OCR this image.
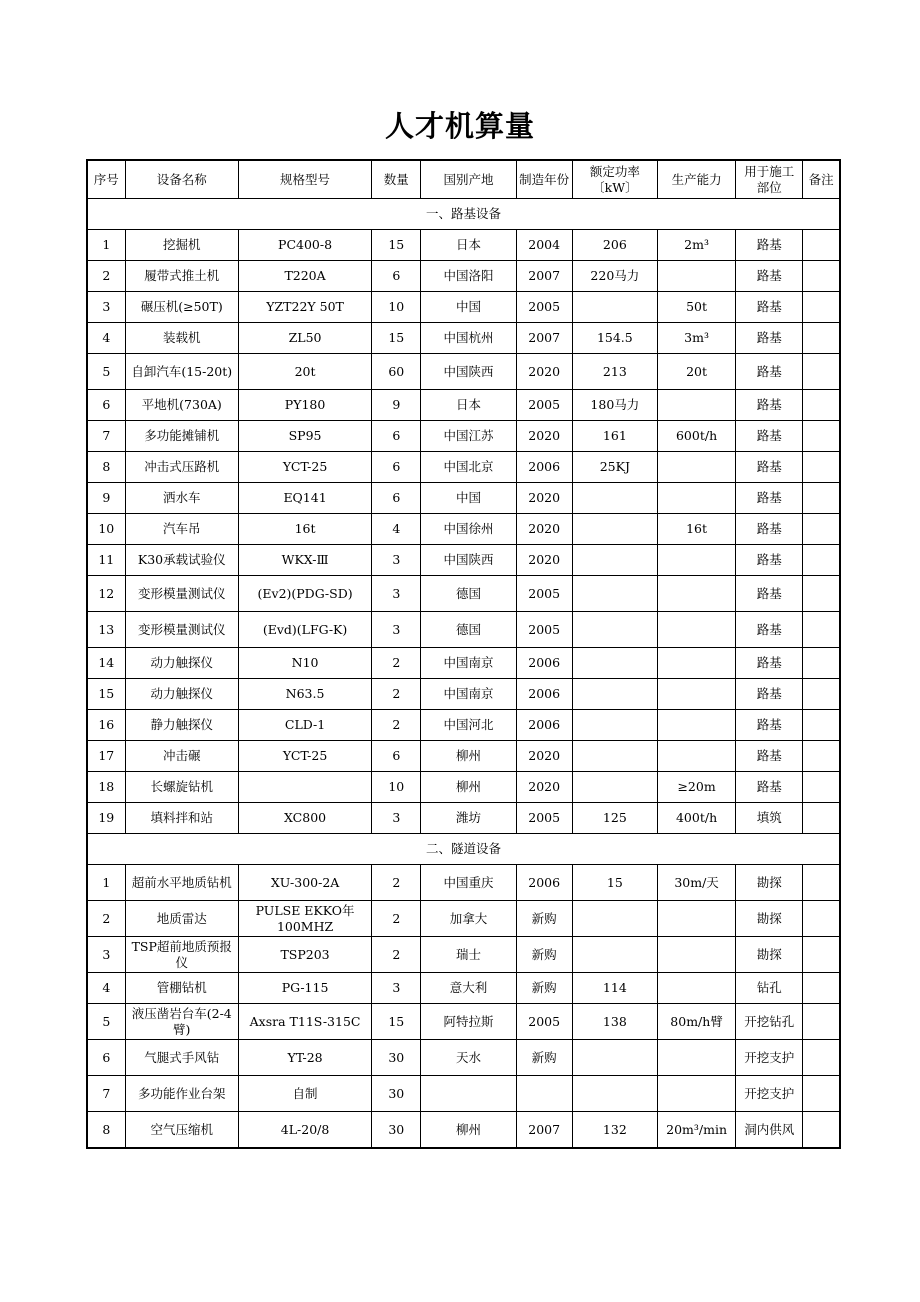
人才机算量
序号	设备名称	规格型号	数量	国别产地	制造年份	额定功率〔kW〕	生产能力	用于施工部位	备注

一、路基设备									
1	挖掘机	PC400-8	15	日本	2004	206	2m³	路基	
2	履带式推土机	T220A	6	中国洛阳	2007	220马力		路基	
3	碾压机(≥50T)	YZT22Y 50T	10	中国	2005		50t	路基	
4	装载机	ZL50	15	中国杭州	2007	154.5	3m³	路基	
5	自卸汽车(15-20t)	20t	60	中国陕西	2020	213	20t	路基	
6	平地机(730A)	PY180	9	日本	2005	180马力		路基	
7	多功能摊铺机	SP95	6	中国江苏	2020	161	600t/h	路基	
8	冲击式压路机	YCT-25	6	中国北京	2006	25KJ		路基	
9	洒水车	EQ141	6	中国	2020			路基	
10	汽车吊	16t	4	中国徐州	2020		16t	路基	
11	K30承载试验仪	WKX-Ⅲ	3	中国陕西	2020			路基	
12	变形模量测试仪	(Ev2)(PDG-SD)	3	德国	2005			路基	
13	变形模量测试仪	(Evd)(LFG-K)	3	德国	2005			路基	
14	动力触探仪	N10	2	中国南京	2006			路基	
15	动力触探仪	N63.5	2	中国南京	2006			路基	
16	静力触探仪	CLD-1	2	中国河北	2006			路基	
17	冲击碾	YCT-25	6	柳州	2020			路基	
18	长螺旋钻机		10	柳州	2020		≥20m	路基	
19	填料拌和站	XC800	3	潍坊	2005	125	400t/h	填筑	
二、隧道设备									
1	超前水平地质钻机	XU-300-2A	2	中国重庆	2006	15	30m/天	勘探	
2	地质雷达	PULSE EKKO年100MHZ	2	加拿大	新购			勘探	
3	TSP超前地质预报仪	TSP203	2	瑞士	新购			勘探	
4	管棚钻机	PG-115	3	意大利	新购	114		钻孔	
5	液压凿岩台车(2-4臂)	Axsra T11S-315C	15	阿特拉斯	2005	138	80m/h臂	开挖钻孔	
6	气腿式手风钻	YT-28	30	天水	新购			开挖支护	
7	多功能作业台架	自制	30					开挖支护	
8	空气压缩机	4L-20/8	30	柳州	2007	132	20m³/min	洞内供风	
